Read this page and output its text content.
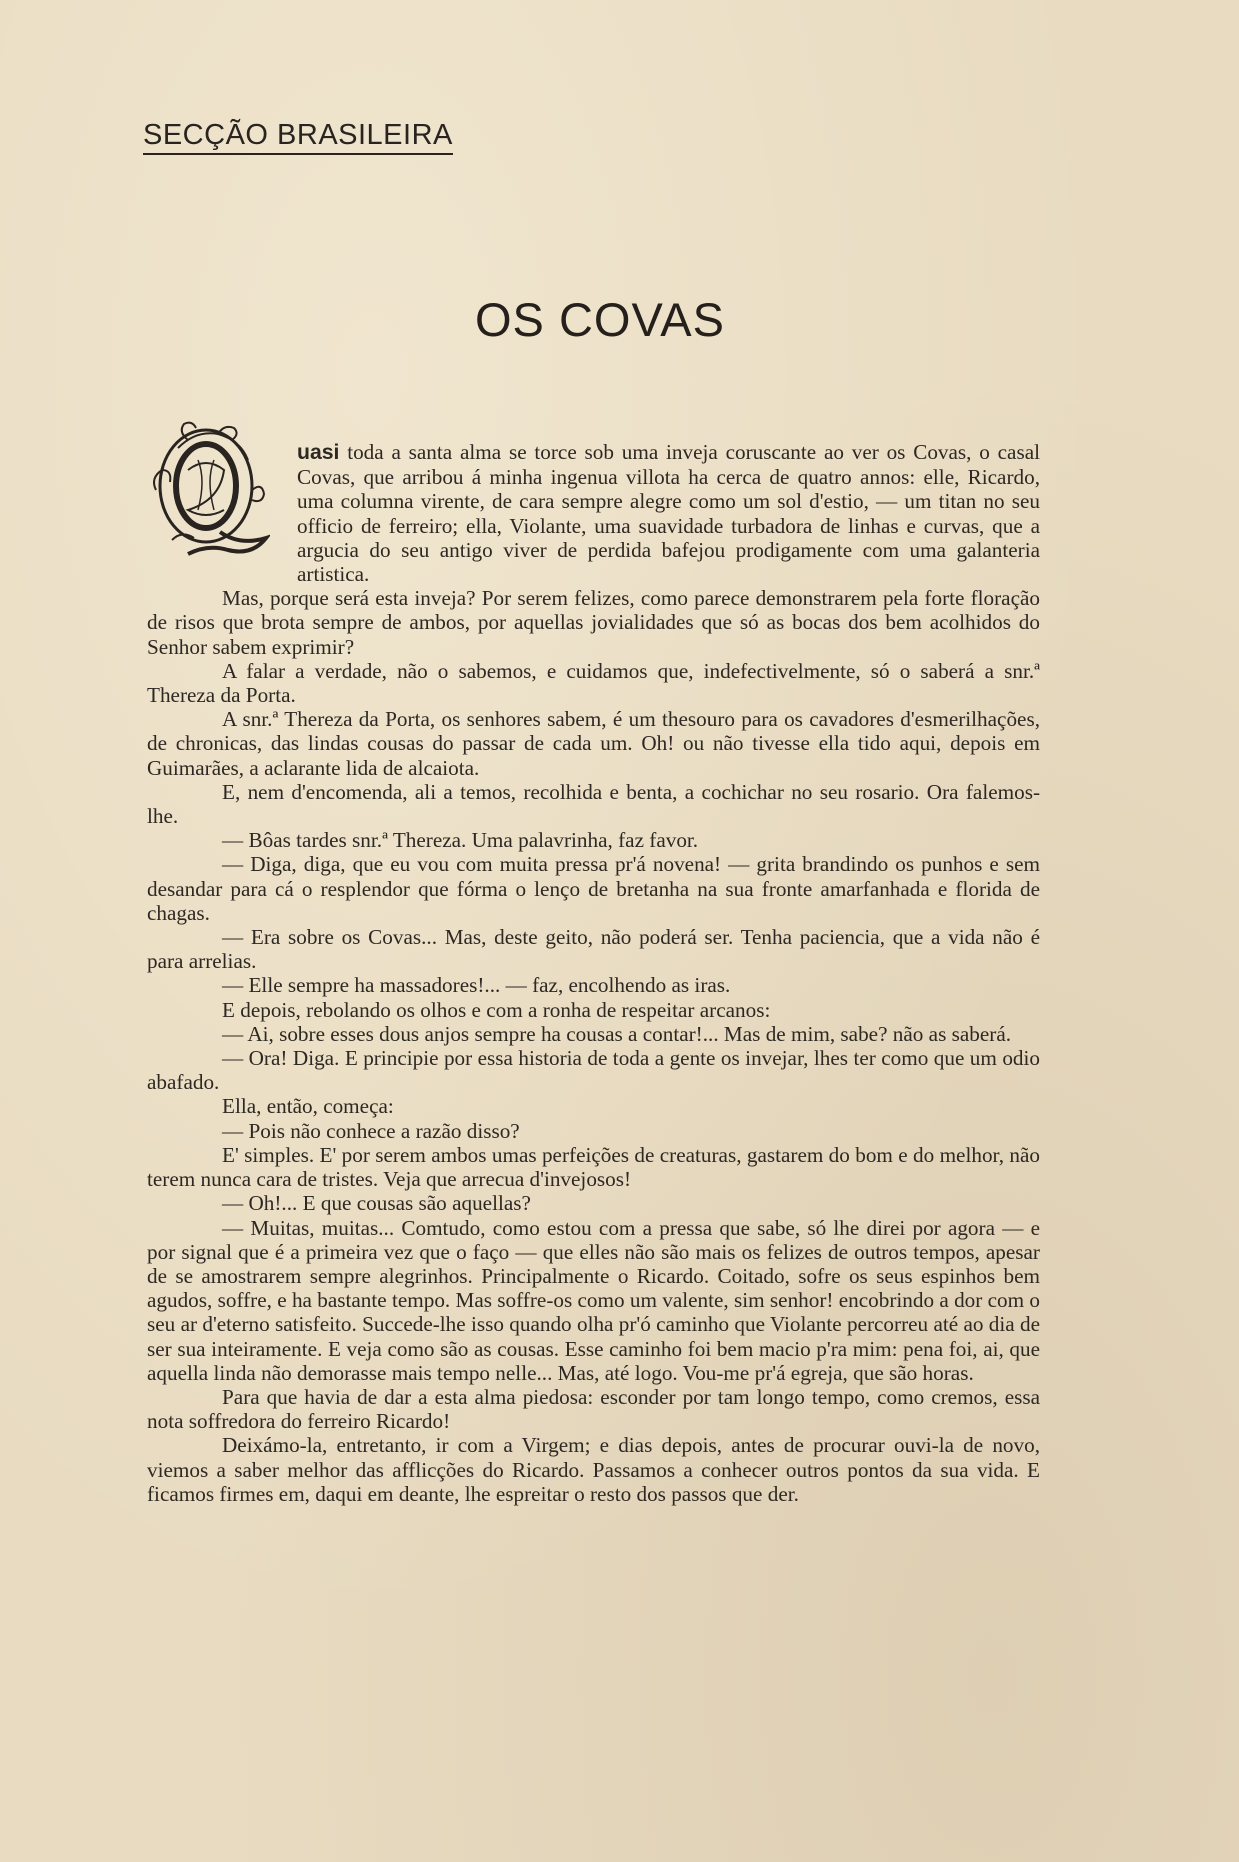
SECÇÃO BRASILEIRA
OS COVAS

uasi toda a santa alma se torce sob uma inveja coruscante ao ver os Covas, o casal Covas, que arribou á minha ingenua villota ha cerca de quatro annos: elle, Ricardo, uma columna virente, de cara sempre alegre como um sol d'estio, — um titan no seu officio de ferreiro; ella, Violante, uma suavidade turbadora de linhas e curvas, que a argucia do seu antigo viver de perdida bafejou prodigamente com uma galanteria artistica.

Mas, porque será esta inveja? Por serem felizes, como parece demonstrarem pela forte floração de risos que brota sempre de ambos, por aquellas jovialidades que só as bocas dos bem acolhidos do Senhor sabem exprimir?

A falar a verdade, não o sabemos, e cuidamos que, indefectivelmente, só o saberá a snr.ª Thereza da Porta.

A snr.ª Thereza da Porta, os senhores sabem, é um thesouro para os cavadores d'esmerilhações, de chronicas, das lindas cousas do passar de cada um. Oh! ou não tivesse ella tido aqui, depois em Guimarães, a aclarante lida de alcaiota.

E, nem d'encomenda, ali a temos, recolhida e benta, a cochichar no seu rosario. Ora falemos-lhe.

— Bôas tardes snr.ª Thereza. Uma palavrinha, faz favor.

— Diga, diga, que eu vou com muita pressa pr'á novena! — grita brandindo os punhos e sem desandar para cá o resplendor que fórma o lenço de bretanha na sua fronte amarfanhada e florida de chagas.

— Era sobre os Covas... Mas, deste geito, não poderá ser. Tenha paciencia, que a vida não é para arrelias.

— Elle sempre ha massadores!... — faz, encolhendo as iras.

E depois, rebolando os olhos e com a ronha de respeitar arcanos:

— Ai, sobre esses dous anjos sempre ha cousas a contar!... Mas de mim, sabe? não as saberá.

— Ora! Diga. E principie por essa historia de toda a gente os invejar, lhes ter como que um odio abafado.

Ella, então, começa:

— Pois não conhece a razão disso?

E' simples. E' por serem ambos umas perfeições de creaturas, gastarem do bom e do melhor, não terem nunca cara de tristes. Veja que arrecua d'invejosos!

— Oh!... E que cousas são aquellas?

— Muitas, muitas... Comtudo, como estou com a pressa que sabe, só lhe direi por agora — e por signal que é a primeira vez que o faço — que elles não são mais os felizes de outros tempos, apesar de se amostrarem sempre alegrinhos. Principalmente o Ricardo. Coitado, sofre os seus espinhos bem agudos, soffre, e ha bastante tempo. Mas soffre-os como um valente, sim senhor! encobrindo a dor com o seu ar d'eterno satisfeito. Succede-lhe isso quando olha pr'ó caminho que Violante percorreu até ao dia de ser sua inteiramente. E veja como são as cousas. Esse caminho foi bem macio p'ra mim: pena foi, ai, que aquella linda não demorasse mais tempo nelle... Mas, até logo. Vou-me pr'á egreja, que são horas.

Para que havia de dar a esta alma piedosa: esconder por tam longo tempo, como cremos, essa nota soffredora do ferreiro Ricardo!

Deixámo-la, entretanto, ir com a Virgem; e dias depois, antes de procurar ouvi-la de novo, viemos a saber melhor das afflicções do Ricardo. Passamos a conhecer outros pontos da sua vida. E ficamos firmes em, daqui em deante, lhe espreitar o resto dos passos que der.
